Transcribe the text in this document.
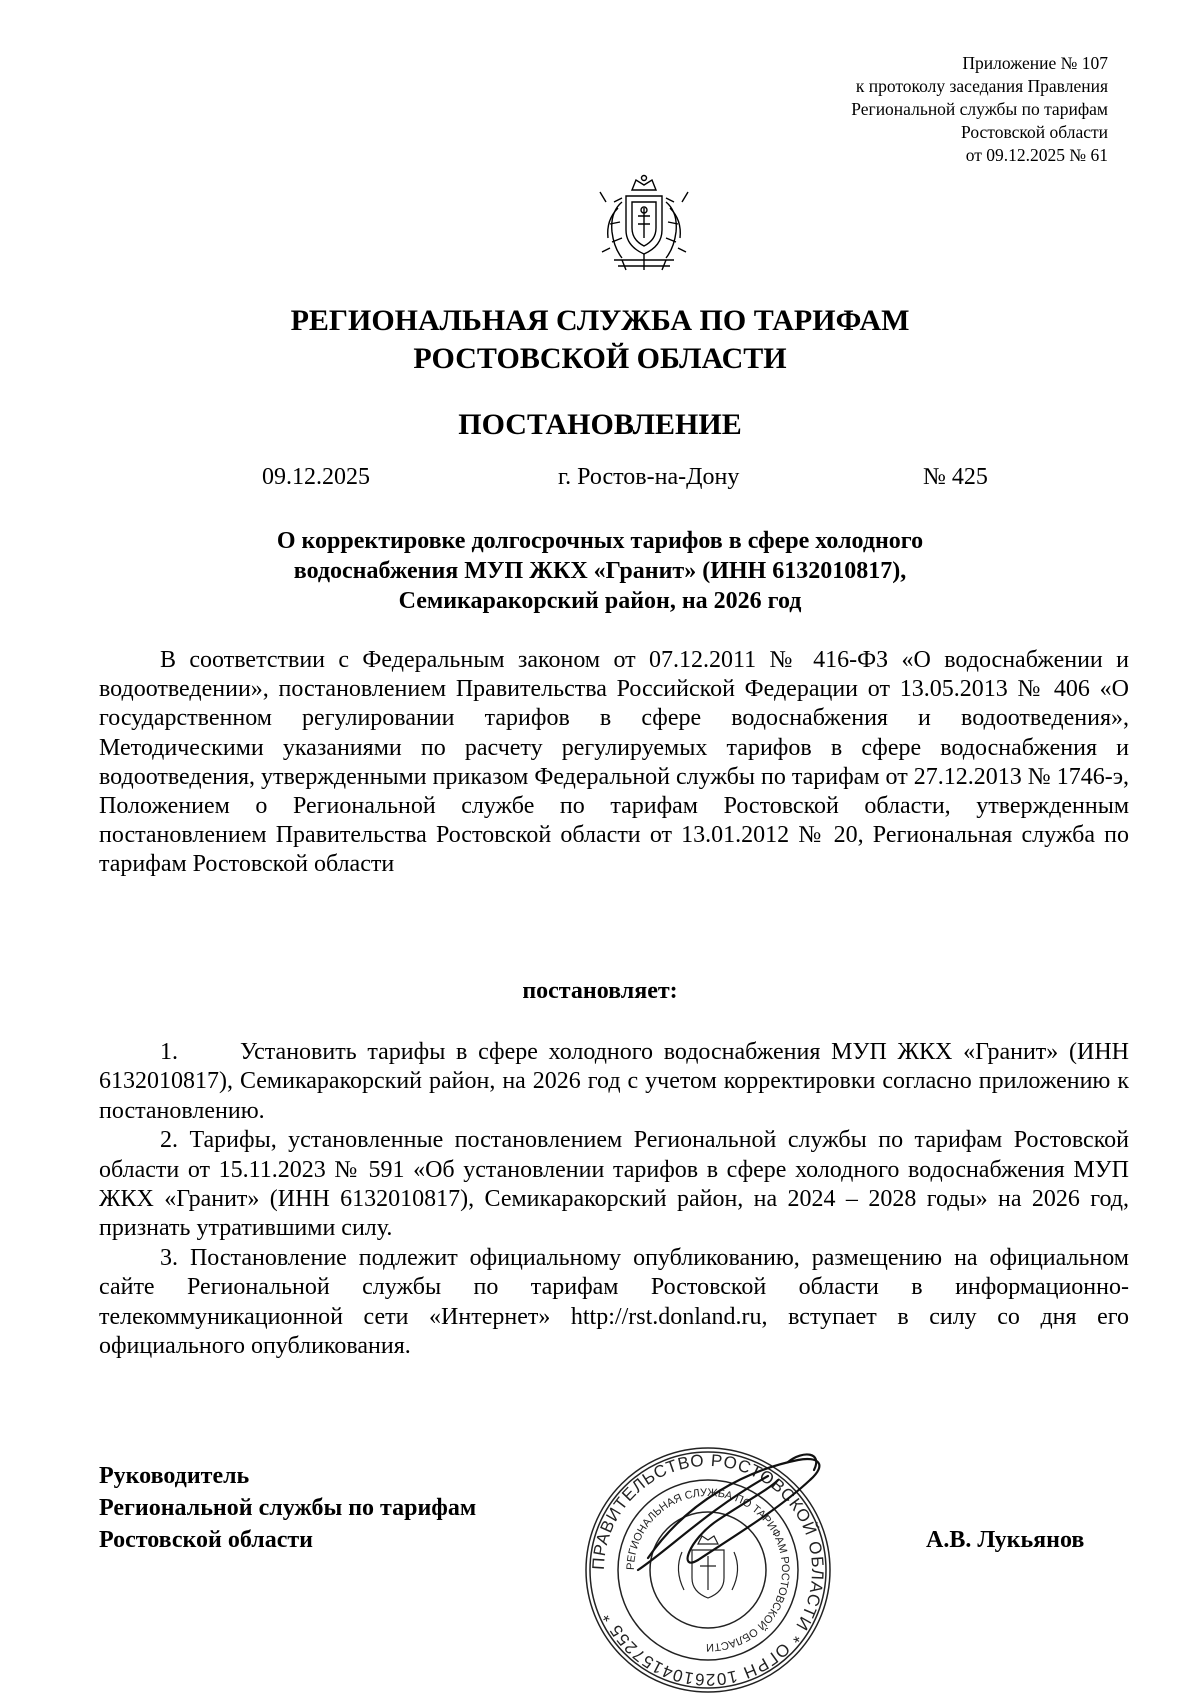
Приложение № 107
к протоколу заседания Правления
Региональной службы по тарифам
Ростовской области
от 09.12.2025 № 61
РЕГИОНАЛЬНАЯ СЛУЖБА ПО ТАРИФАМ
РОСТОВСКОЙ ОБЛАСТИ
ПОСТАНОВЛЕНИЕ
09.12.2025	г. Ростов-на-Дону	№ 425
О корректировке долгосрочных тарифов в сфере холодного
водоснабжения МУП ЖКХ «Гранит» (ИНН 6132010817),
Семикаракорский район, на 2026 год

В соответствии с Федеральным законом от 07.12.2011 № 416-ФЗ «О водоснабжении и водоотведении», постановлением Правительства Российской Федерации от 13.05.2013 № 406 «О государственном регулировании тарифов в сфере водоснабжения и водоотведения», Методическими указаниями по расчету регулируемых тарифов в сфере водоснабжения и водоотведения, утвержденными приказом Федеральной службы по тарифам от 27.12.2013 № 1746-э, Положением о Региональной службе по тарифам Ростовской области, утвержденным постановлением Правительства Ростовской области от 13.01.2012 № 20, Региональная служба по тарифам Ростовской области

постановляет:

1.	Установить тарифы в сфере холодного водоснабжения МУП ЖКХ «Гранит» (ИНН 6132010817), Семикаракорский район, на 2026 год с учетом корректировки согласно приложению к постановлению.

2. Тарифы, установленные постановлением Региональной службы по тарифам Ростовской области от 15.11.2023 № 591 «Об установлении тарифов в сфере холодного водоснабжения МУП ЖКХ «Гранит» (ИНН 6132010817), Семикаракорский район, на 2024 – 2028 годы» на 2026 год, признать утратившими силу.

3. Постановление подлежит официальному опубликованию, размещению на официальном сайте Региональной службы по тарифам Ростовской области в информационно-телекоммуникационной сети «Интернет» http://rst.donland.ru, вступает в силу со дня его официального опубликования.

Руководитель
Региональной службы по тарифам
Ростовской области	А.В. Лукьянов
ПРАВИТЕЛЬСТВО РОСТОВСКОЙ ОБЛАСТИ * ОГРН 1026104157255 *
РЕГИОНАЛЬНАЯ СЛУЖБА ПО ТАРИФАМ РОСТОВСКОЙ ОБЛАСТИ
